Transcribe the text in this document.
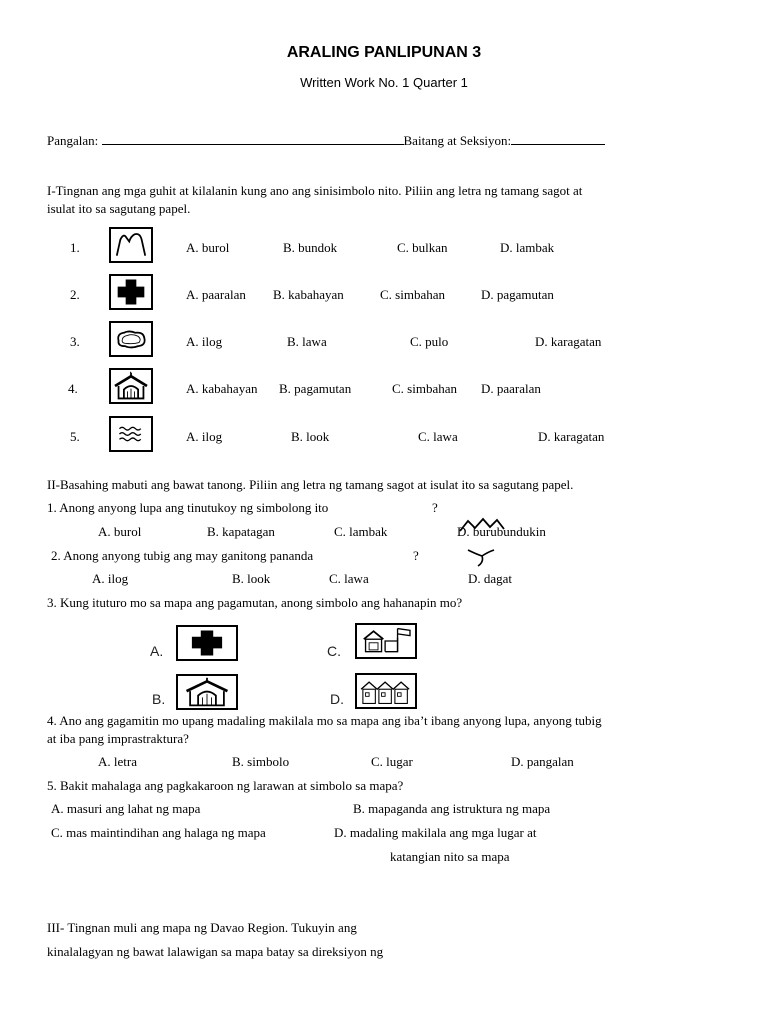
ARALING PANLIPUNAN 3
Written Work No. 1 Quarter 1
Pangalan:	Baitang at Seksiyon:
I-Tingnan ang mga guhit at kilalanin kung ano ang sinisimbolo nito. Piliin ang letra ng tamang sagot at
isulat ito sa sagutang papel.
1.	A. burol	B. bundok	C. bulkan	D. lambak
2.	A. paaralan B. kabahayan	C. simbahan	D. pagamutan
3.	A. ilog	B. lawa	C. pulo	D. karagatan
4.	A. kabahayan B. pagamutan	C. simbahan D. paaralan
5.	A. ilog	B. look	C. lawa	D. karagatan
II-Basahing mabuti ang bawat tanong. Piliin ang letra ng tamang sagot at isulat ito sa sagutang papel.
1. Anong anyong lupa ang tinutukoy ng simbolong ito	?
A. burol	B. kapatagan	C. lambak	D. burubundukin
2. Anong anyong tubig ang may ganitong pananda	?
A. ilog	B. look	C. lawa	D. dagat
3. Kung ituturo mo sa mapa ang pagamutan, anong simbolo ang hahanapin mo?
A.	C.
B.	D.
4. Ano ang gagamitin mo upang madaling makilala mo sa mapa ang iba’t ibang anyong lupa, anyong tubig
at iba pang imprastraktura?
A. letra	B. simbolo	C. lugar	D. pangalan
5. Bakit mahalaga ang pagkakaroon ng larawan at simbolo sa mapa?
A. masuri ang lahat ng mapa	B. mapaganda ang istruktura ng mapa
C. mas maintindihan ang halaga ng mapa	D. madaling makilala ang mga lugar at
katangian nito sa mapa
III- Tingnan muli ang mapa ng Davao Region. Tukuyin ang
kinalalagyan ng bawat lalawigan sa mapa batay sa direksiyon ng
